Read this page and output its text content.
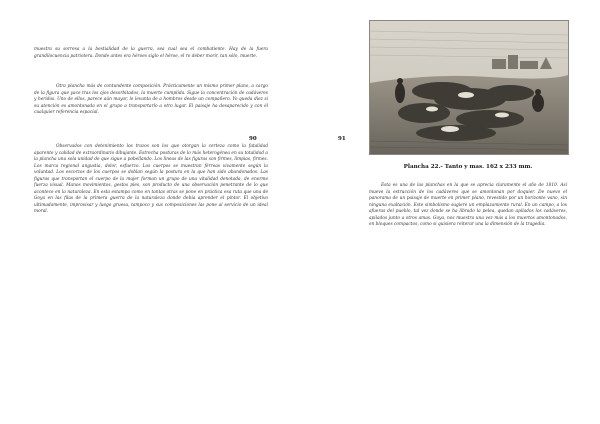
muestra su sorresa a la bestialidad de la guerra, sea cual sea el combatiente. Hay de la fuera grandilocuencia patriotera. Donde antes era héroes siglo el héroe, el ro deber morir, tan sólo, muerte.

Otra plancha más de contundente composición. Prácticamente un mismo primer plano, a cargo de la figura que yace tras los ojos desorbitados, la muerte cumplida. Sigue la concentración de cadáveres y heridos. Uno de ellos, parece aún mayor, le levanta de a hombros desde un compañero. Yo queda diez si su atención es amontonada en el grupo a transportarlo a otro lugar. El paisaje ha desaparecido y con él cualquier referencia espacial.

Observados con detenimiento los trazos son los que otorgan la certeza como la fatalidad aparente y calidad de extraordinario dibujante. Estrecha posturas de lo más heterogénea en su totalidad a la plancha una sola unidad de que sigue a pobellando. Los lineas de las figuras son firmes, limpias, firmes. Los marca regional angustia, dolor, esfuerzo. Los cuerpos se muestran férreas vivamente según la voluntad. Los escorzos de los cuerpos se doblan según la postura en la que han sido abandonados. Las figuras que transportan el cuerpo de la mujer forman un grupo de una vitalidad denotada, de enorme fuerza visual. Manos movimientos, gestos pies, son producto de una observación penetrante de lo que acontece en la naturaleza. En esta estampa como en tantas otras se pone en práctica esa ruta que una de Goya en las filas de la primera guerra de la naturaleza donde debía aprender el pintor. El objetivo ultimadamente, improvisar y luego gruesa, tampoco y sus composiciones las pone al servicio de un ideal moral.

90	91
Plancha 22.- Tanto y mas. 162 x 233 mm.

Esta es una de las planchas en la que se aprecia claramente el año de 1810. Así mueve la estrucción de los cadáveres que se amontonan por doquier. De nuevo el panorama de un paisaje de muerte en primer plano, revestido por un horizonte vano, sin ninguna exaltación. Este simbolismo sugiere un emplazamiento rural. En un campo, a los afueras del pueblo, tal vez donde se ha librado la pelea, quedan apilados los cadáveres, apilados junto a otros amas. Goya, nos muestra una vez más a los muertos amontonados, en bloques compactos, como si quisiera reiterar una la dimensión de la tragedia.
